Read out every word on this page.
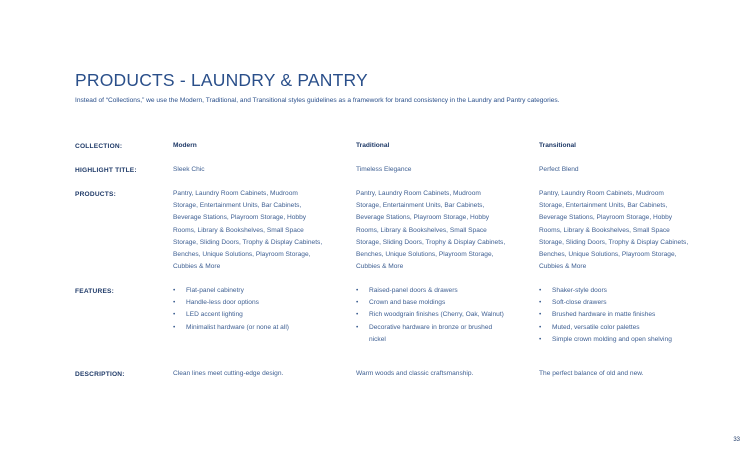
PRODUCTS - LAUNDRY & PANTRY
Instead of “Collections,” we use the Modern, Traditional, and Transitional styles guidelines as a framework for brand consistency in the Laundry and Pantry categories.
COLLECTION:
HIGHLIGHT TITLE:
PRODUCTS:
FEATURES:
DESCRIPTION:
Modern
Sleek Chic
Pantry, Laundry Room Cabinets, Mudroom Storage, Entertainment Units, Bar Cabinets, Beverage Stations, Playroom Storage, Hobby Rooms, Library & Bookshelves, Small Space Storage, Sliding Doors, Trophy & Display Cabinets, Benches, Unique Solutions, Playroom Storage, Cubbies & More
• Flat-panel cabinetry
• Handle-less door options
• LED accent lighting
• Minimalist hardware (or none at all)
Clean lines meet cutting-edge design.
Traditional
Timeless Elegance
Pantry, Laundry Room Cabinets, Mudroom Storage, Entertainment Units, Bar Cabinets, Beverage Stations, Playroom Storage, Hobby Rooms, Library & Bookshelves, Small Space Storage, Sliding Doors, Trophy & Display Cabinets, Benches, Unique Solutions, Playroom Storage, Cubbies & More
• Raised-panel doors & drawers
• Crown and base moldings
• Rich woodgrain finishes (Cherry, Oak, Walnut)
• Decorative hardware in bronze or brushed nickel
Warm woods and classic craftsmanship.
Transitional
Perfect Blend
Pantry, Laundry Room Cabinets, Mudroom Storage, Entertainment Units, Bar Cabinets, Beverage Stations, Playroom Storage, Hobby Rooms, Library & Bookshelves, Small Space Storage, Sliding Doors, Trophy & Display Cabinets, Benches, Unique Solutions, Playroom Storage, Cubbies & More
• Shaker-style doors
• Soft-close drawers
• Brushed hardware in matte finishes
• Muted, versatile color palettes
• Simple crown molding and open shelving
The perfect balance of old and new.
33
